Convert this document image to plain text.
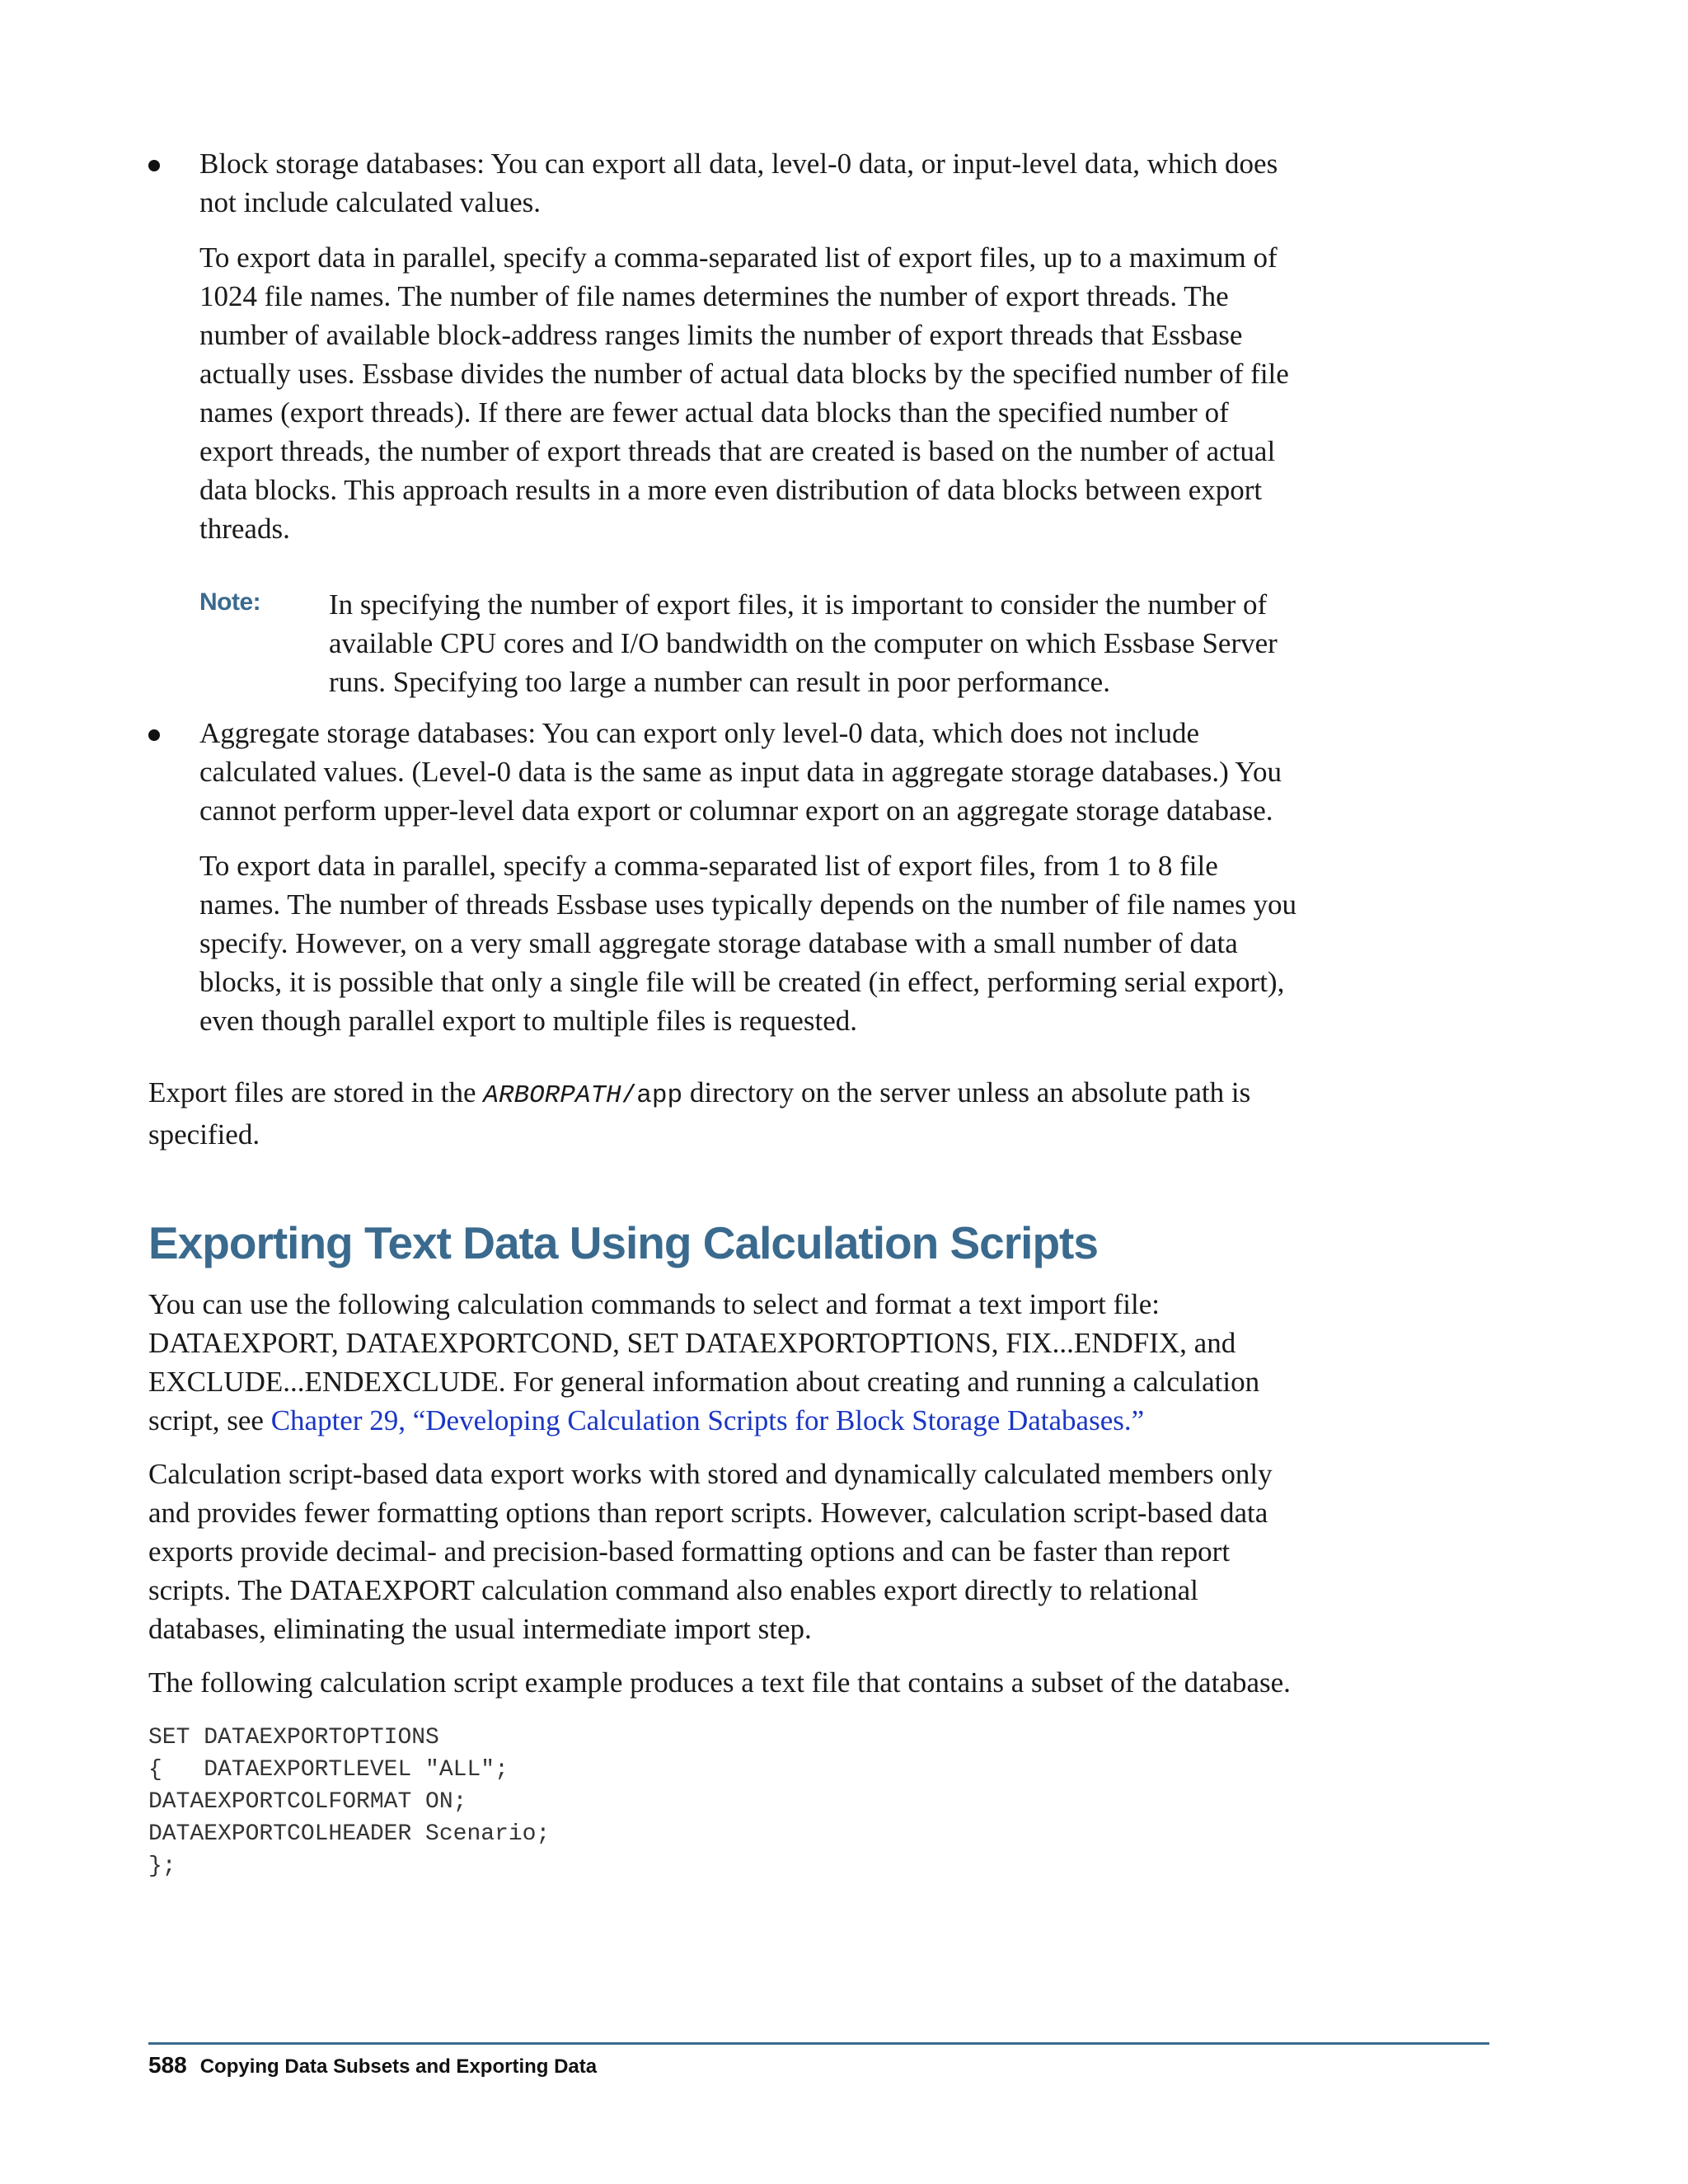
Block storage databases: You can export all data, level-0 data, or input-level data, which does not include calculated values.

To export data in parallel, specify a comma-separated list of export files, up to a maximum of 1024 file names. The number of file names determines the number of export threads. The number of available block-address ranges limits the number of export threads that Essbase actually uses. Essbase divides the number of actual data blocks by the specified number of file names (export threads). If there are fewer actual data blocks than the specified number of export threads, the number of export threads that are created is based on the number of actual data blocks. This approach results in a more even distribution of data blocks between export threads.

Note: In specifying the number of export files, it is important to consider the number of available CPU cores and I/O bandwidth on the computer on which Essbase Server runs. Specifying too large a number can result in poor performance.

Aggregate storage databases: You can export only level-0 data, which does not include calculated values. (Level-0 data is the same as input data in aggregate storage databases.) You cannot perform upper-level data export or columnar export on an aggregate storage database.

To export data in parallel, specify a comma-separated list of export files, from 1 to 8 file names. The number of threads Essbase uses typically depends on the number of file names you specify. However, on a very small aggregate storage database with a small number of data blocks, it is possible that only a single file will be created (in effect, performing serial export), even though parallel export to multiple files is requested.

Export files are stored in the ARBORPATH/app directory on the server unless an absolute path is specified.

Exporting Text Data Using Calculation Scripts

You can use the following calculation commands to select and format a text import file: DATAEXPORT, DATAEXPORTCOND, SET DATAEXPORTOPTIONS, FIX...ENDFIX, and EXCLUDE...ENDEXCLUDE. For general information about creating and running a calculation script, see Chapter 29, “Developing Calculation Scripts for Block Storage Databases.”

Calculation script-based data export works with stored and dynamically calculated members only and provides fewer formatting options than report scripts. However, calculation script-based data exports provide decimal- and precision-based formatting options and can be faster than report scripts. The DATAEXPORT calculation command also enables export directly to relational databases, eliminating the usual intermediate import step.

The following calculation script example produces a text file that contains a subset of the database.

SET DATAEXPORTOPTIONS
{   DATAEXPORTLEVEL "ALL";
DATAEXPORTCOLFORMAT ON;
DATAEXPORTCOLHEADER Scenario;
};
588 Copying Data Subsets and Exporting Data
